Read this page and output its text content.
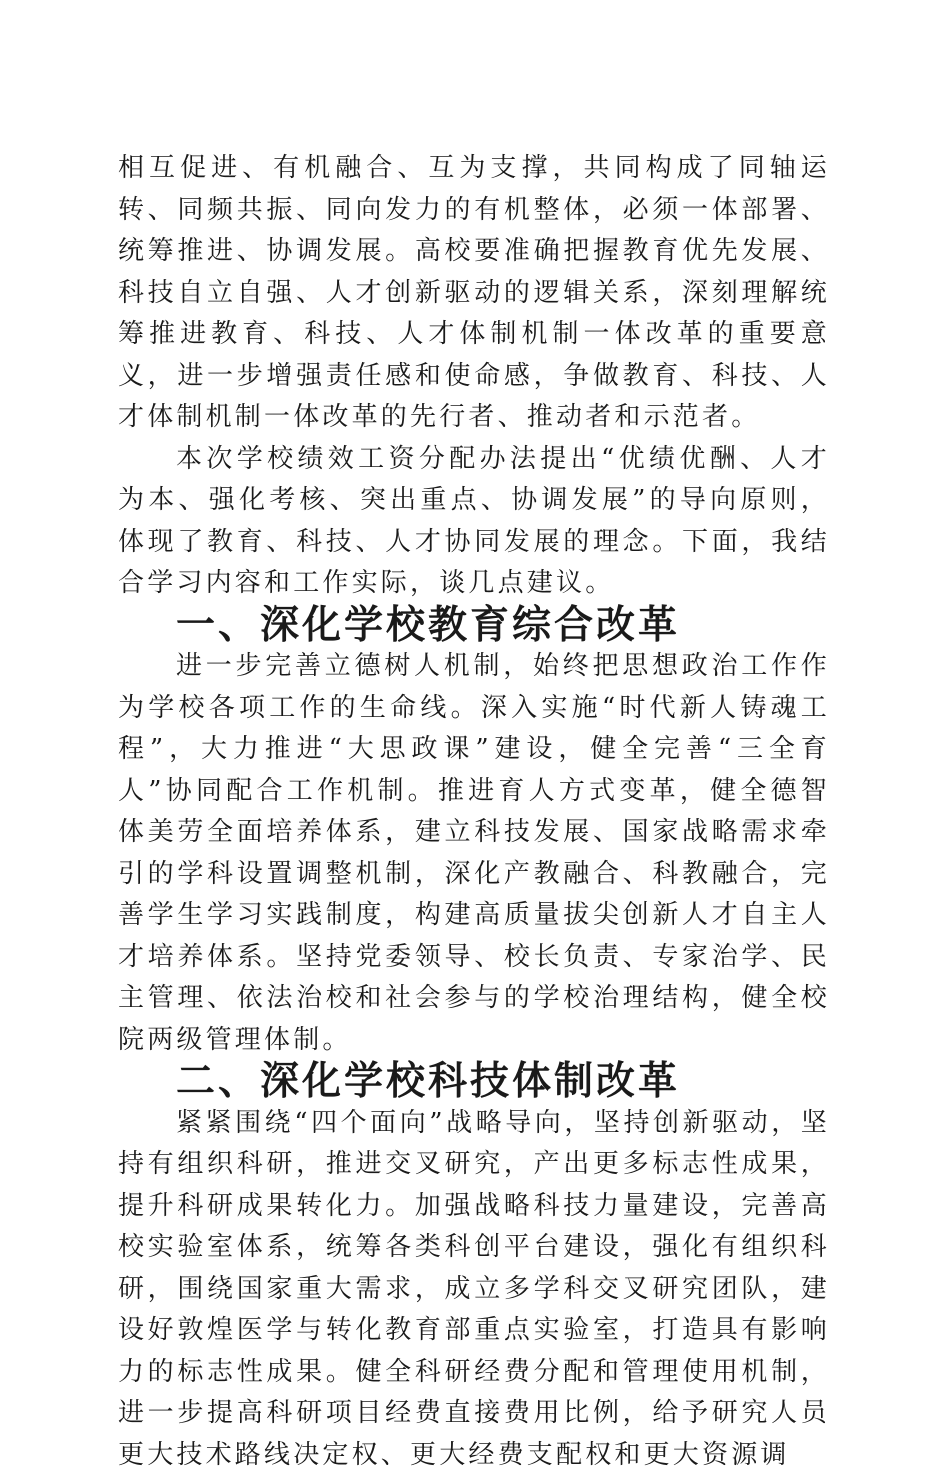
相互促进、有机融合、互为支撑，共同构成了同轴运转、同频共振、同向发力的有机整体，必须一体部署、统筹推进、协调发展。高校要准确把握教育优先发展、科技自立自强、人才创新驱动的逻辑关系，深刻理解统筹推进教育、科技、人才体制机制一体改革的重要意义，进一步增强责任感和使命感，争做教育、科技、人才体制机制一体改革的先行者、推动者和示范者。

本次学校绩效工资分配办法提出“优绩优酬、人才为本、强化考核、突出重点、协调发展”的导向原则，体现了教育、科技、人才协同发展的理念。下面，我结合学习内容和工作实际，谈几点建议。

一、深化学校教育综合改革

进一步完善立德树人机制，始终把思想政治工作作为学校各项工作的生命线。深入实施“时代新人铸魂工程”，大力推进“大思政课”建设，健全完善“三全育人”协同配合工作机制。推进育人方式变革，健全德智体美劳全面培养体系，建立科技发展、国家战略需求牵引的学科设置调整机制，深化产教融合、科教融合，完善学生学习实践制度，构建高质量拔尖创新人才自主人才培养体系。坚持党委领导、校长负责、专家治学、民主管理、依法治校和社会参与的学校治理结构，健全校院两级管理体制。

二、深化学校科技体制改革

紧紧围绕“四个面向”战略导向，坚持创新驱动，坚持有组织科研，推进交叉研究，产出更多标志性成果，提升科研成果转化力。加强战略科技力量建设，完善高校实验室体系，统筹各类科创平台建设，强化有组织科研，围绕国家重大需求，成立多学科交叉研究团队，建设好敦煌医学与转化教育部重点实验室，打造具有影响力的标志性成果。健全科研经费分配和管理使用机制，进一步提高科研项目经费直接费用比例，给予研究人员更大技术路线决定权、更大经费支配权和更大资源调
